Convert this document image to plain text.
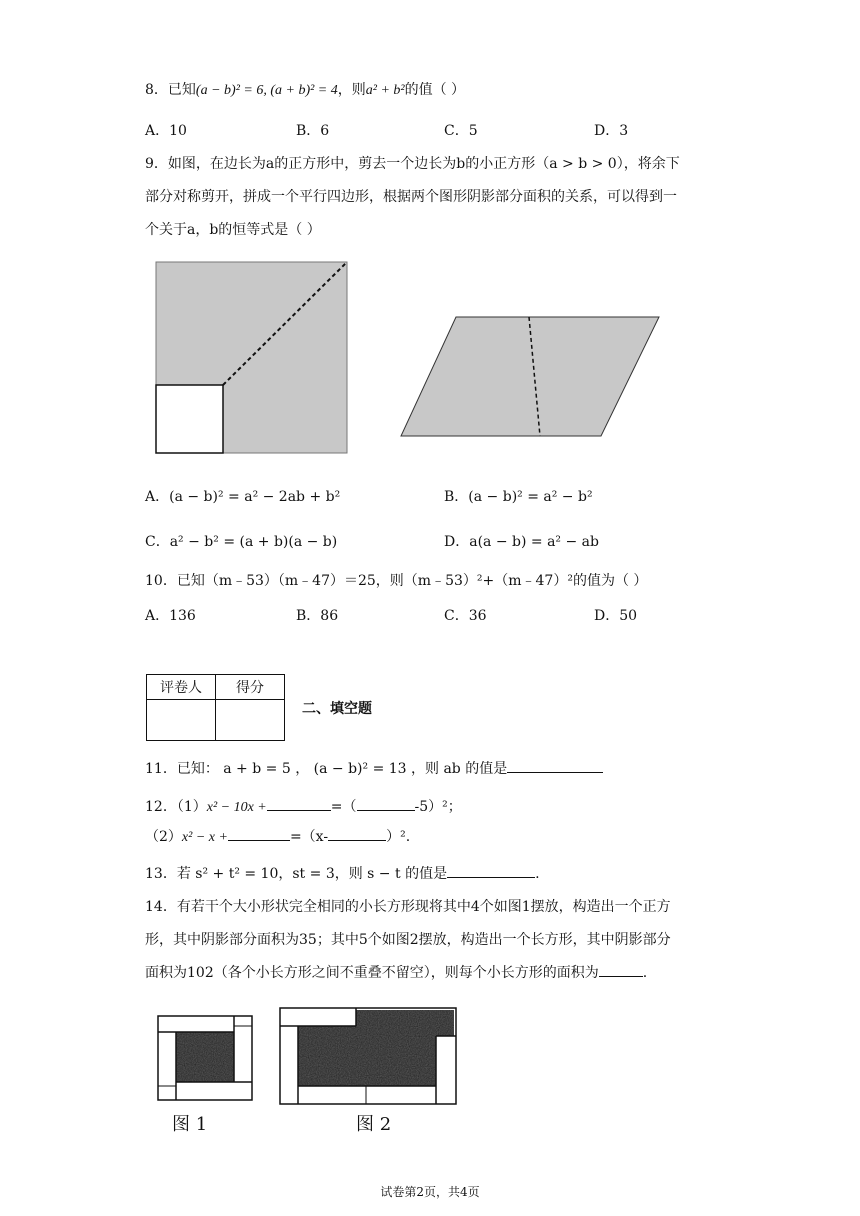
8．已知(a − b)² = 6, (a + b)² = 4，则a² + b²的值（ ）
A．10	B．6	C．5	D．3
9．如图，在边长为a的正方形中，剪去一个边长为b的小正方形（a > b > 0），将余下
部分对称剪开，拼成一个平行四边形，根据两个图形阴影部分面积的关系，可以得到一
个关于a，b的恒等式是（ ）
A．(a − b)² = a² − 2ab + b²	B．(a − b)² = a² − b²
C．a² − b² = (a + b)(a − b)	D．a(a − b) = a² − ab
10．已知（m﹣53）（m﹣47）＝25，则（m﹣53）²+（m﹣47）²的值为（ ）
A．136	B．86	C．36	D．50
评卷人	得分

二、填空题
11．已知： a + b = 5 ， (a − b)² = 13 ，则 ab 的值是
12．（1）x² − 10x +	=（	-5）²；
（2）x² − x +	=（x-	）².
13．若 s² + t² = 10，st = 3，则 s − t 的值是	.
14．有若干个大小形状完全相同的小长方形现将其中4个如图1摆放，构造出一个正方
形，其中阴影部分面积为35；其中5个如图2摆放，构造出一个长方形，其中阴影部分
面积为102（各个小长方形之间不重叠不留空），则每个小长方形的面积为	.
图 1	图 2
试卷第2页，共4页
